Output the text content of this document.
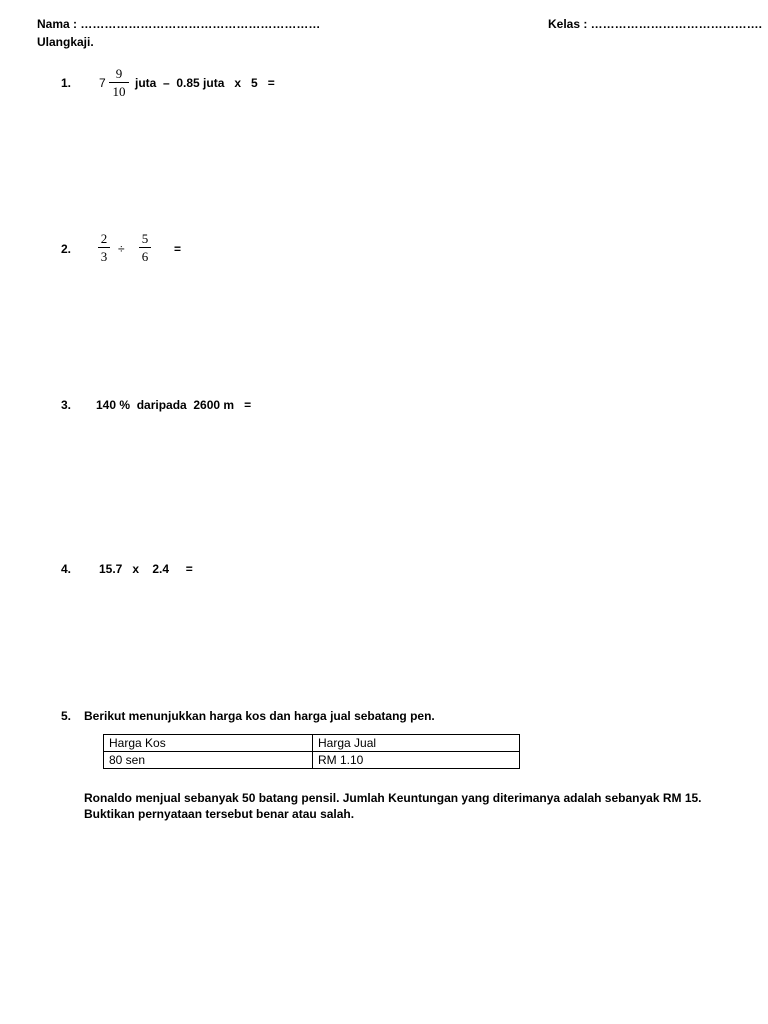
Nama : ……………………………………………………	Kelas : …………………………………….
Ulangkaji.
1. 7
9
10
juta  –  0.85 juta   x   5   =
2.
2
3 ÷
5
6 =
3. 140 %  daripada  2600 m   =
4. 15.7   x    2.4     =
5. Berikut menunjukkan harga kos dan harga jual sebatang pen.
Harga Kos	Harga Jual
80 sen	RM 1.10
Ronaldo menjual sebanyak 50 batang pensil. Jumlah Keuntungan yang diterimanya adalah sebanyak RM 15.
Buktikan pernyataan tersebut benar atau salah.
